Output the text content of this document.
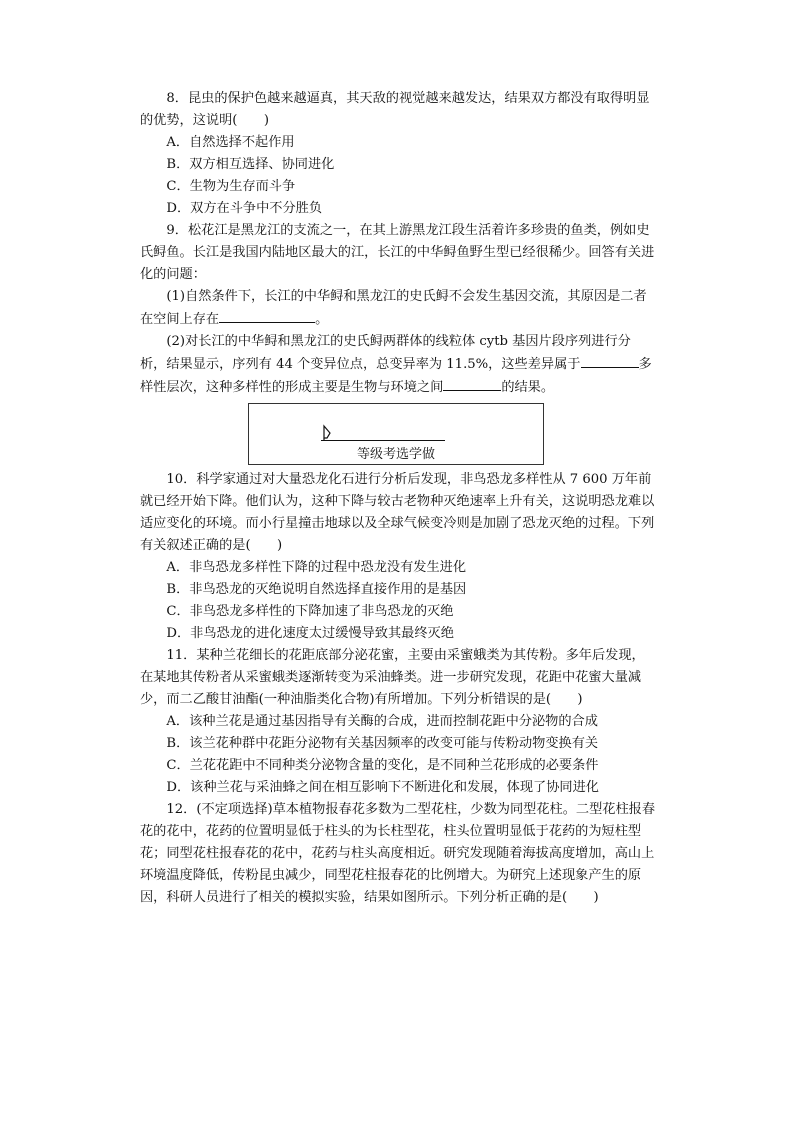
8．昆虫的保护色越来越逼真，其天敌的视觉越来越发达，结果双方都没有取得明显的优势，这说明(　　)

A．自然选择不起作用

B．双方相互选择、协同进化

C．生物为生存而斗争

D．双方在斗争中不分胜负

9．松花江是黑龙江的支流之一，在其上游黑龙江段生活着许多珍贵的鱼类，例如史氏鲟鱼。长江是我国内陆地区最大的江，长江的中华鲟鱼野生型已经很稀少。回答有关进化的问题：

(1)自然条件下，长江的中华鲟和黑龙江的史氏鲟不会发生基因交流，其原因是二者在空间上存在	。

(2)对长江的中华鲟和黑龙江的史氏鲟两群体的线粒体 cytb 基因片段序列进行分析，结果显示，序列有 44 个变异位点，总变异率为 11.5%，这些差异属于	多样性层次，这种多样性的形成主要是生物与环境之间	的结果。

等级考选学做

10．科学家通过对大量恐龙化石进行分析后发现，非鸟恐龙多样性从 7 600 万年前就已经开始下降。他们认为，这种下降与较古老物种灭绝速率上升有关，这说明恐龙难以适应变化的环境。而小行星撞击地球以及全球气候变冷则是加剧了恐龙灭绝的过程。下列有关叙述正确的是(　　)

A．非鸟恐龙多样性下降的过程中恐龙没有发生进化

B．非鸟恐龙的灭绝说明自然选择直接作用的是基因

C．非鸟恐龙多样性的下降加速了非鸟恐龙的灭绝

D．非鸟恐龙的进化速度太过缓慢导致其最终灭绝

11．某种兰花细长的花距底部分泌花蜜，主要由采蜜蛾类为其传粉。多年后发现，在某地其传粉者从采蜜蛾类逐渐转变为采油蜂类。进一步研究发现，花距中花蜜大量减少，而二乙酸甘油酯(一种油脂类化合物)有所增加。下列分析错误的是(　　)

A．该种兰花是通过基因指导有关酶的合成，进而控制花距中分泌物的合成

B．该兰花种群中花距分泌物有关基因频率的改变可能与传粉动物变换有关

C．兰花花距中不同种类分泌物含量的变化，是不同种兰花形成的必要条件

D．该种兰花与采油蜂之间在相互影响下不断进化和发展，体现了协同进化

12．(不定项选择)草本植物报春花多数为二型花柱，少数为同型花柱。二型花柱报春花的花中，花药的位置明显低于柱头的为长柱型花，柱头位置明显低于花药的为短柱型花；同型花柱报春花的花中，花药与柱头高度相近。研究发现随着海拔高度增加，高山上环境温度降低，传粉昆虫减少，同型花柱报春花的比例增大。为研究上述现象产生的原因，科研人员进行了相关的模拟实验，结果如图所示。下列分析正确的是(　　)
